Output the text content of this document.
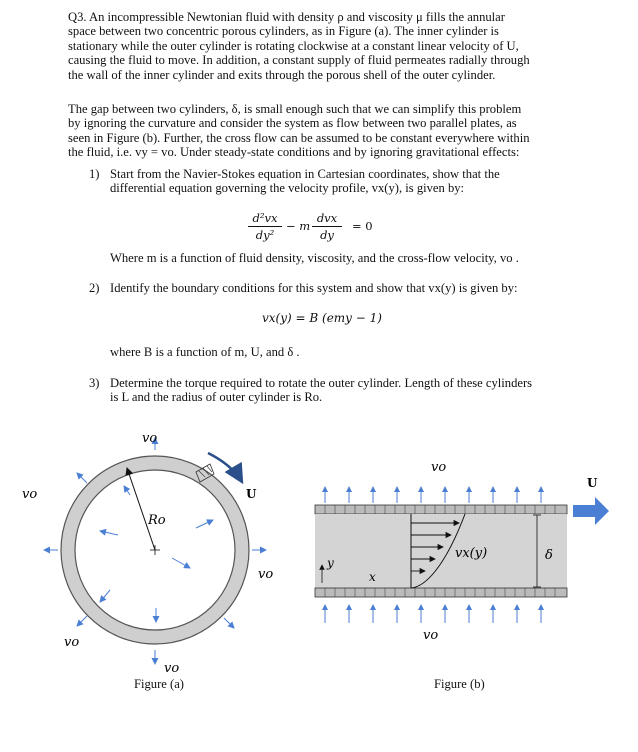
Q3. An incompressible Newtonian fluid with density ρ and viscosity μ fills the annular
space between two concentric porous cylinders, as in Figure (a). The inner cylinder is
stationary while the outer cylinder is rotating clockwise at a constant linear velocity of U,
causing the fluid to move. In addition, a constant supply of fluid permeates radially through
the wall of the inner cylinder and exits through the porous shell of the outer cylinder.
The gap between two cylinders, δ, is small enough such that we can simplify this problem
by ignoring the curvature and consider the system as flow between two parallel plates, as
seen in Figure (b). Further, the cross flow can be assumed to be constant everywhere within
the fluid, i.e. vy = vo. Under steady-state conditions and by ignoring gravitational effects:
1) Start from the Navier-Stokes equation in Cartesian coordinates, show that the
differential equation governing the velocity profile, vx(y), is given by:
d²vx
dy²
− m
dvx
dy
= 0
Where m is a function of fluid density, viscosity, and the cross-flow velocity, vo .
2) Identify the boundary conditions for this system and show that vx(y) is given by:
vx(y) = B (emy − 1)
where B is a function of m, U, and δ .
3) Determine the torque required to rotate the outer cylinder. Length of these cylinders
is L and the radius of outer cylinder is Ro.
vo
vo
vo
vo
vo
U
Ro
Figure (a)
vo
vo
U
vx(y)	δ
y
x
Figure (b)
